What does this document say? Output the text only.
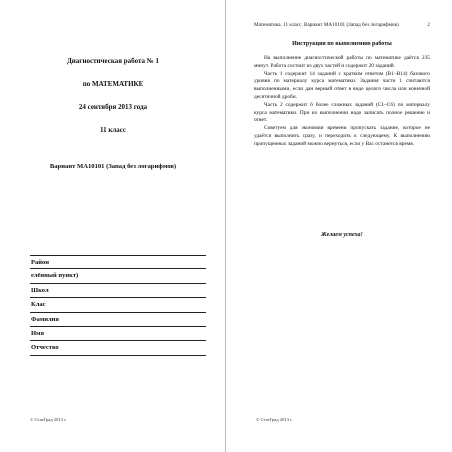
Диагностическая работа № 1
по МАТЕМАТИКЕ
24 сентября 2013 года
11 класс
Вариант МА10101 (Запад без логарифмов)
Район
елённый пункт)
Школ
Клас
Фамилия
Имя
Отчество
© СтатГрад 2013 г.
Математика. 11 класс. Вариант МА10101 (Запад без логарифмов)	2
Инструкция по выполнению работы

На выполнение диагностической работы по математике даётся 235 минут. Работа состоит из двух частей и содержит 20 заданий.

Часть 1 содержит 14 заданий с кратким ответом (B1–B14) базового уровня по материалу курса математики. Задания части 1 считаются выполненными, если дан верный ответ в виде целого числа или конечной десятичной дроби.

Часть 2 содержит 6 более сложных заданий (C1–C6) по материалу курса математики. При их выполнении надо записать полное решение и ответ.

Советуем для экономии времени пропускать задание, которое не удаётся выполнить сразу, и переходить к следующему. К выполнению пропущенных заданий можно вернуться, если у Вас останется время.

Желаем успеха!
© СтатГрад 2013 г.
